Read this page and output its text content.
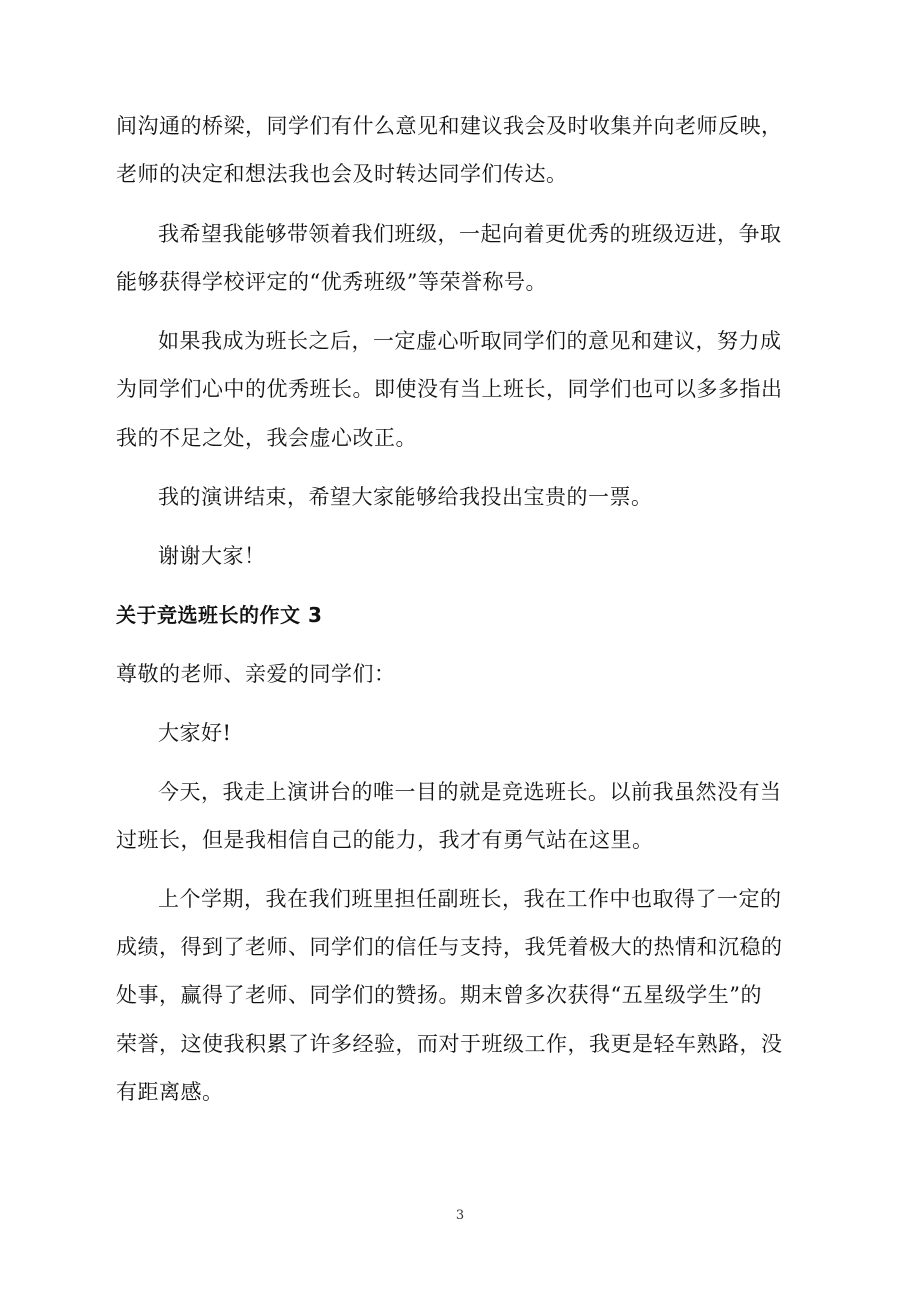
间沟通的桥梁，同学们有什么意见和建议我会及时收集并向老师反映，
老师的决定和想法我也会及时转达同学们传达。
我希望我能够带领着我们班级，一起向着更优秀的班级迈进，争取
能够获得学校评定的“优秀班级”等荣誉称号。
如果我成为班长之后，一定虚心听取同学们的意见和建议，努力成
为同学们心中的优秀班长。即使没有当上班长，同学们也可以多多指出
我的不足之处，我会虚心改正。
我的演讲结束，希望大家能够给我投出宝贵的一票。
谢谢大家！
关于竞选班长的作文 3
尊敬的老师、亲爱的同学们：
大家好!
今天，我走上演讲台的唯一目的就是竞选班长。以前我虽然没有当
过班长，但是我相信自己的能力，我才有勇气站在这里。
上个学期，我在我们班里担任副班长，我在工作中也取得了一定的
成绩，得到了老师、同学们的信任与支持，我凭着极大的热情和沉稳的
处事，赢得了老师、同学们的赞扬。期末曾多次获得“五星级学生”的
荣誉，这使我积累了许多经验，而对于班级工作，我更是轻车熟路，没
有距离感。
3
